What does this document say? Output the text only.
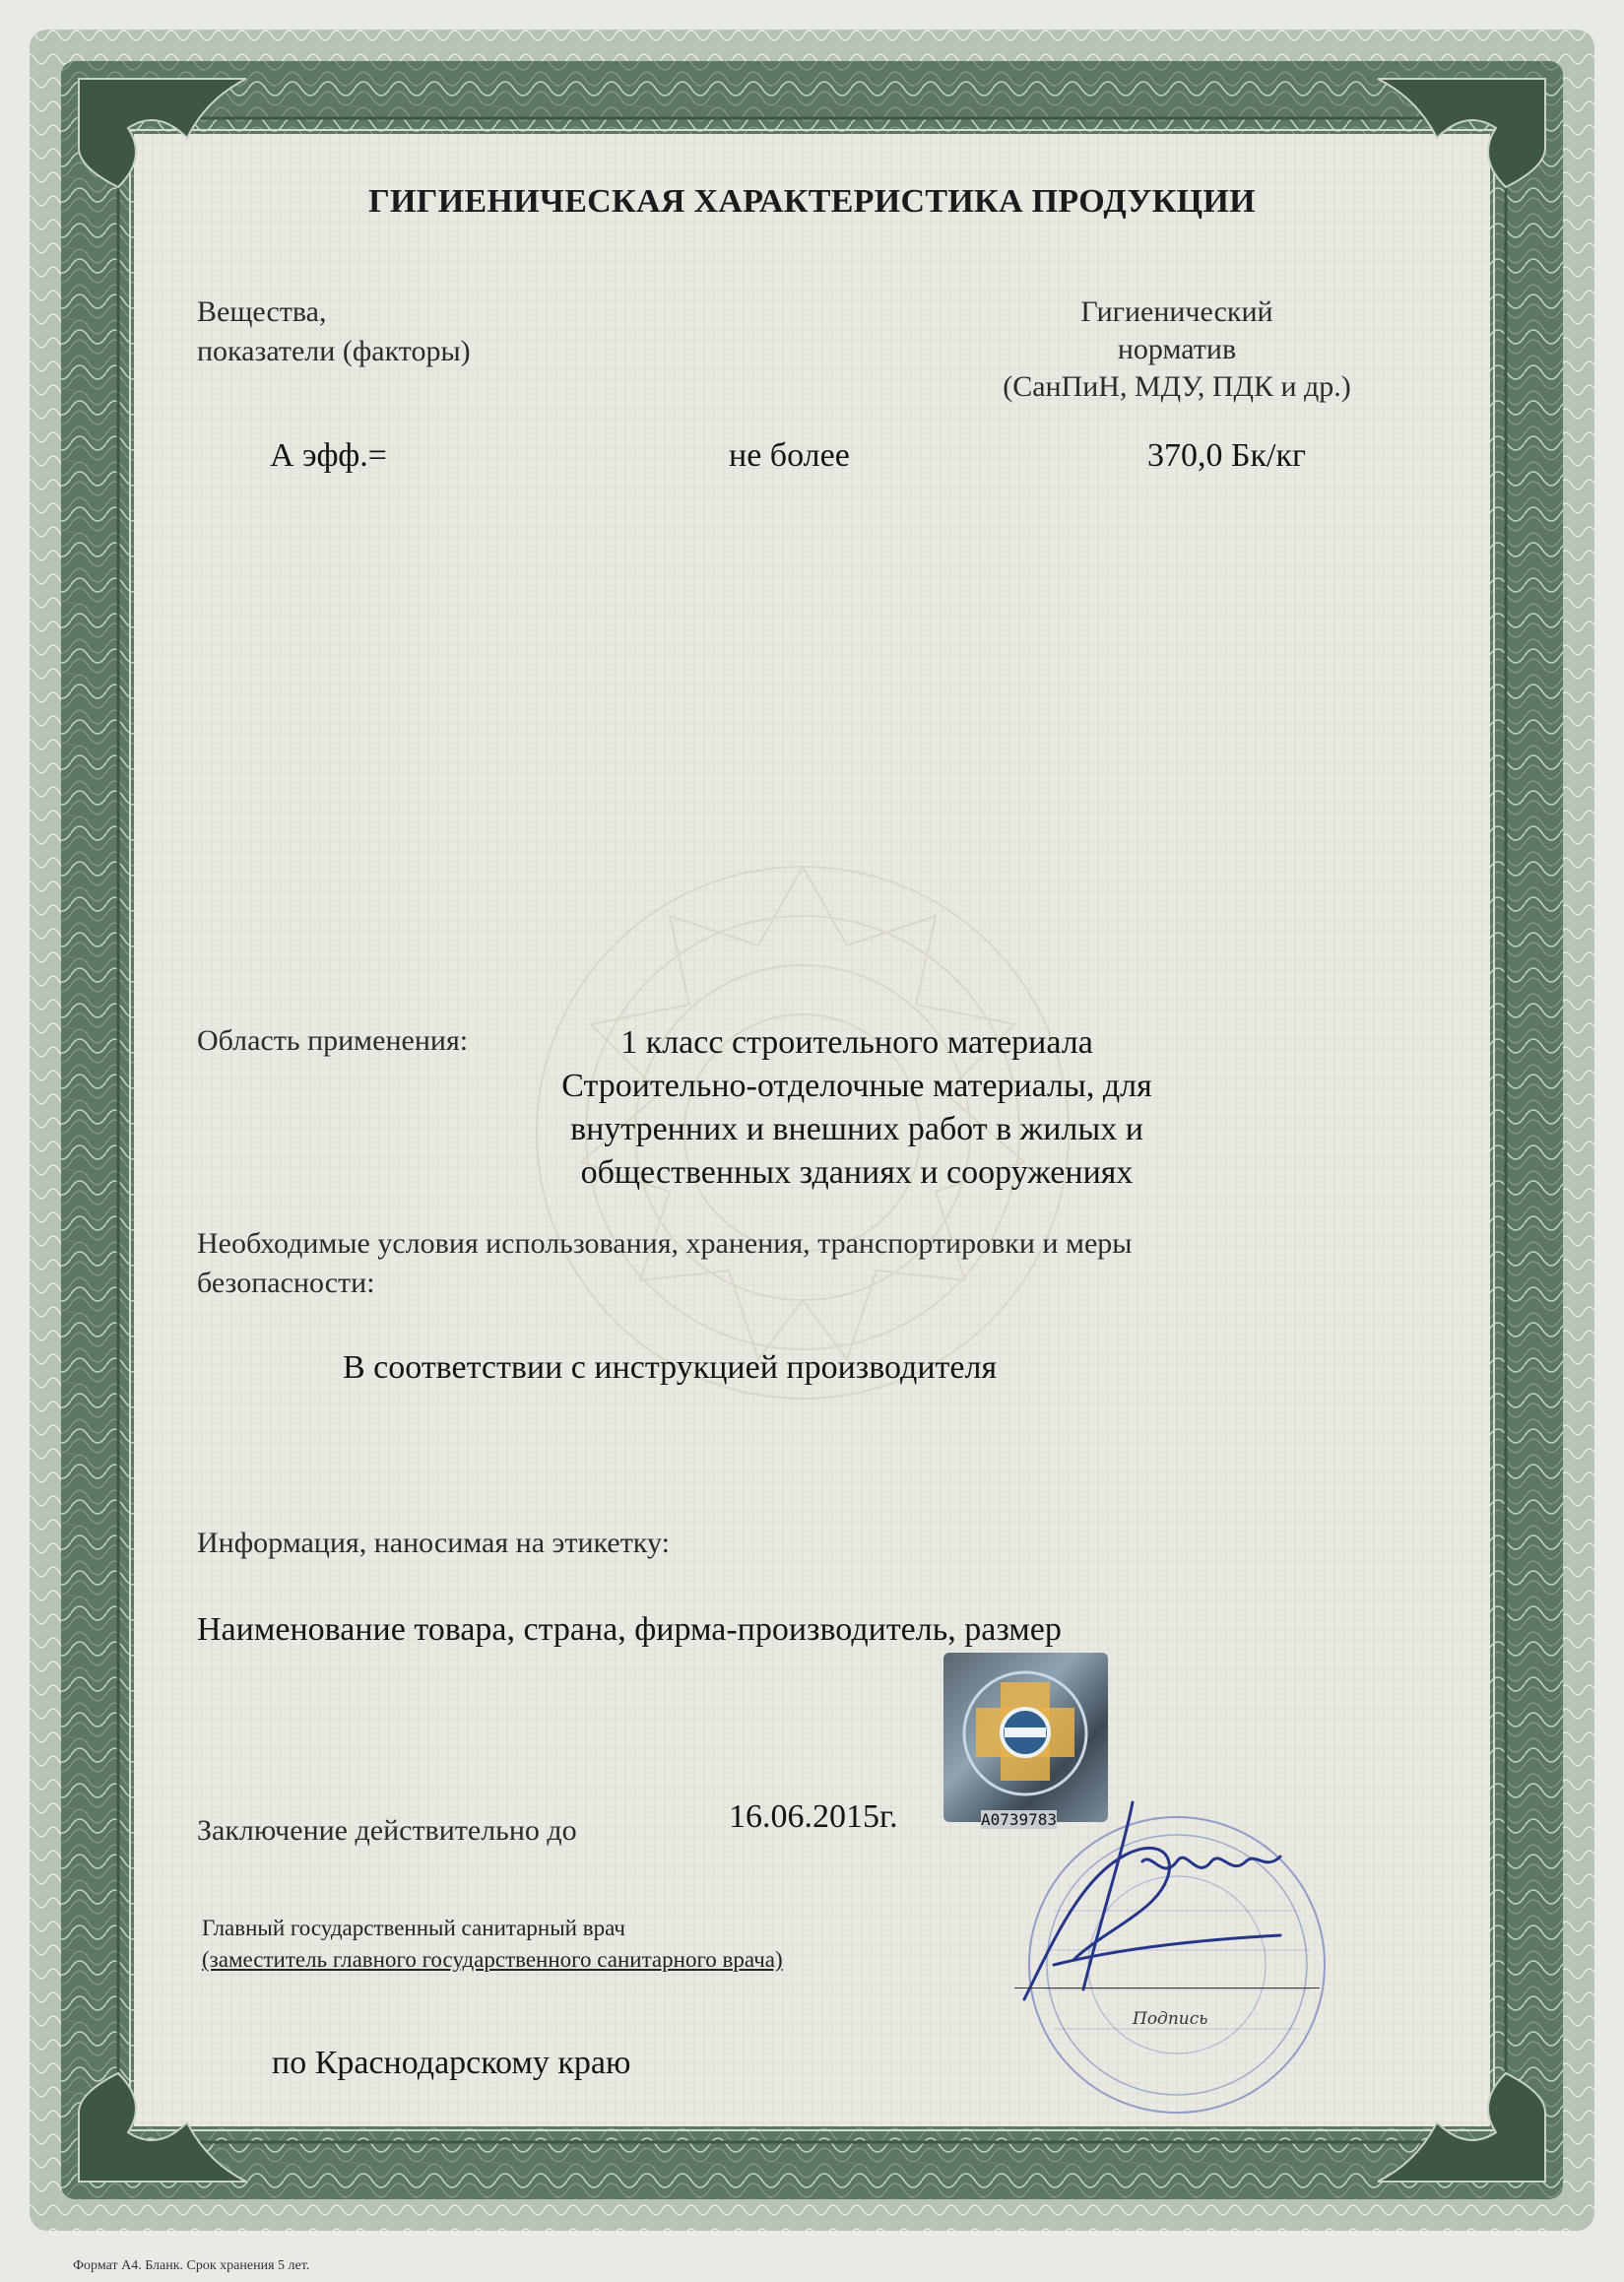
ГИГИЕНИЧЕСКАЯ ХАРАКТЕРИСТИКА ПРОДУКЦИИ
Вещества,
показатели (факторы)
Гигиенический
норматив
(СанПиН, МДУ, ПДК и др.)
А эфф.=	не более	370,0 Бк/кг
Область применения:	1 класс строительного материала
Строительно-отделочные материалы, для
внутренних и внешних работ в жилых и
общественных зданиях и сооружениях
Необходимые условия использования, хранения, транспортировки и меры
безопасности:
В соответствии с инструкцией производителя
Информация, наносимая на этикетку:
Наименование товара, страна, фирма-производитель, размер
A0739783
Заключение действительно до	16.06.2015г.
Главный государственный санитарный врач
(заместитель главного государственного санитарного врача)
Подпись
по Краснодарскому краю
Формат А4. Бланк. Срок хранения 5 лет.
